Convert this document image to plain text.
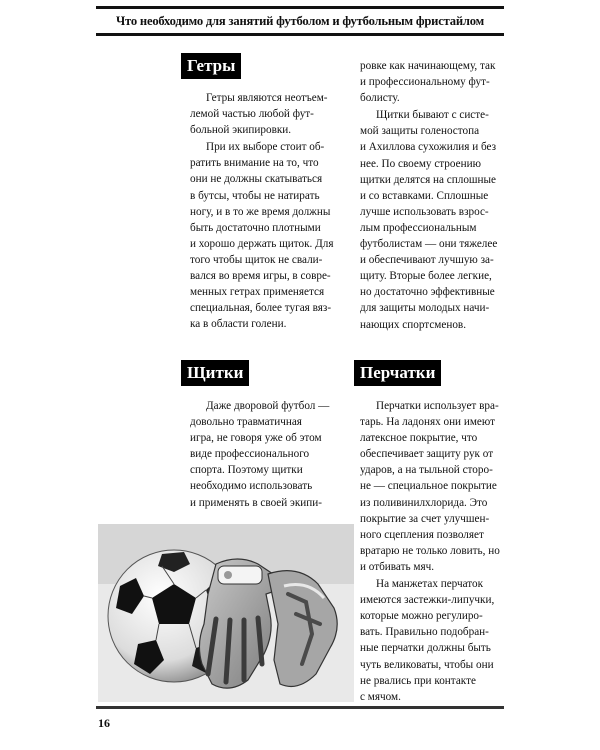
Что необходимо для занятий футболом и футбольным фристайлом
Гетры

Гетры являются неотъем-
лемой частью любой фут-
больной экипировки.

При их выборе стоит об-
ратить внимание на то, что
они не должны скатываться
в бутсы, чтобы не натирать
ногу, и в то же время должны
быть достаточно плотными
и хорошо держать щиток. Для
того чтобы щиток не свали-
вался во время игры, в совре-
менных гетрах применяется
специальная, более тугая вяз-
ка в области голени.

ровке как начинающему, так
и профессиональному фут-
болисту.

Щитки бывают с систе-
мой защиты голеностопа
и Ахиллова сухожилия и без
нее. По своему строению
щитки делятся на сплошные
и со вставками. Сплошные
лучше использовать взрос-
лым профессиональным
футболистам — они тяжелее
и обеспечивают лучшую за-
щиту. Вторые более легкие,
но достаточно эффективные
для защиты молодых начи-
нающих спортсменов.

Щитки

Даже дворовой футбол —
довольно травматичная
игра, не говоря уже об этом
виде профессионального
спорта. Поэтому щитки
необходимо использовать
и применять в своей экипи-

Перчатки

Перчатки использует вра-
тарь. На ладонях они имеют
латексное покрытие, что
обеспечивает защиту рук от
ударов, а на тыльной сторо-
не — специальное покрытие
из поливинилхлорида. Это
покрытие за счет улучшен-
ного сцепления позволяет
вратарю не только ловить, но
и отбивать мяч.

На манжетах перчаток
имеются застежки-липучки,
которые можно регулиро-
вать. Правильно подобран-
ные перчатки должны быть
чуть великоваты, чтобы они
не рвались при контакте
с мячом.

16
